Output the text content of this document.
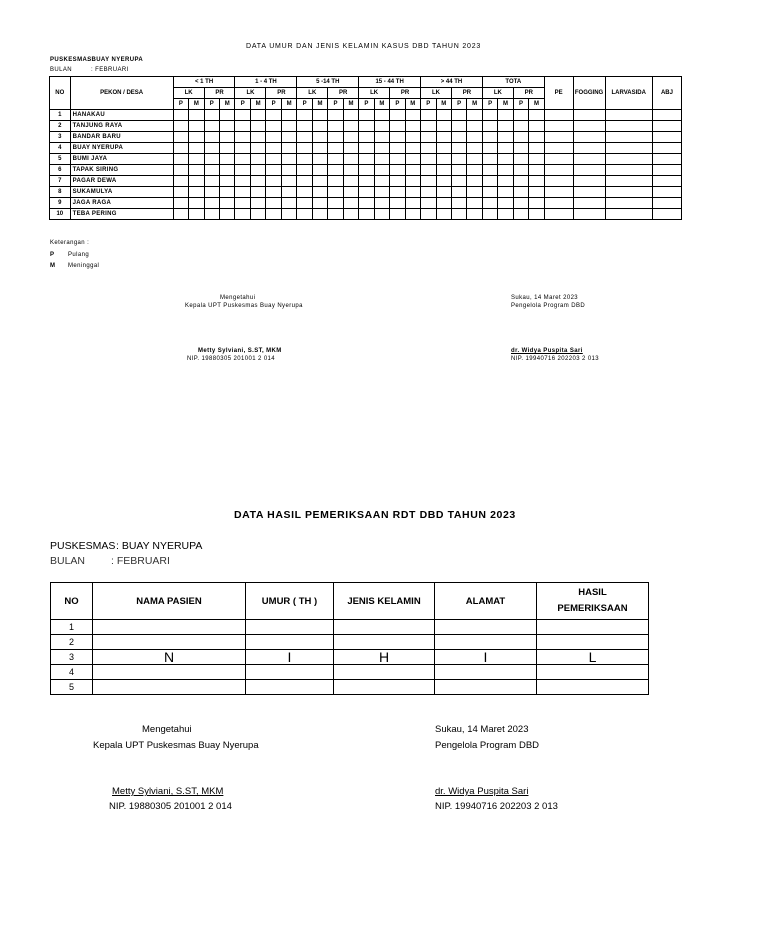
DATA UMUR DAN JENIS KELAMIN KASUS DBD TAHUN 2023
PUSKESMAS
: BUAY NYERUPA
BULAN	: FEBRUARI
NO	PEKON / DESA	< 1 TH				1 - 4 TH				5 -14 TH				15 - 44 TH				> 44 TH				TOTA				PE	FOGGING	LARVASIDA	ABJ
		LK		PR		LK		PR		LK		PR		LK		PR		LK		PR		LK		PR					
		P	M	P	M	P	M	P	M	P	M	P	M	P	M	P	M	P	M	P	M	P	M	P	M				
1	HANAKAU																												
2	TANJUNG RAYA																												
3	BANDAR BARU																												
4	BUAY NYERUPA																												
5	BUMI JAYA																												
6	TAPAK SIRING																												
7	PAGAR DEWA																												
8	SUKAMULYA																												
9	JAGA RAGA																												
10	TEBA PERING																												
Keterangan :
P Pulang
M Meninggal
Mengetahui
Kepala UPT Puskesmas Buay Nyerupa
Metty Sylviani, S.ST, MKM
NIP. 19880305 201001 2 014
Sukau, 14 Maret 2023
Pengelola Program DBD
dr. Widya Puspita Sari
NIP. 19940716 202203 2 013
DATA HASIL PEMERIKSAAN RDT DBD TAHUN 2023
PUSKESMAS : BUAY NYERUPA
BULAN : FEBRUARI
NO	NAMA PASIEN	UMUR ( TH )	JENIS KELAMIN	ALAMAT	HASIL
PEMERIKSAAN

1					
2					
3	N	I	H	I	L
4					
5					
Mengetahui
Kepala UPT Puskesmas Buay Nyerupa
Metty Sylviani, S.ST, MKM
NIP. 19880305 201001 2 014
Sukau, 14 Maret 2023
Pengelola Program DBD
dr. Widya Puspita Sari
NIP. 19940716 202203 2 013
